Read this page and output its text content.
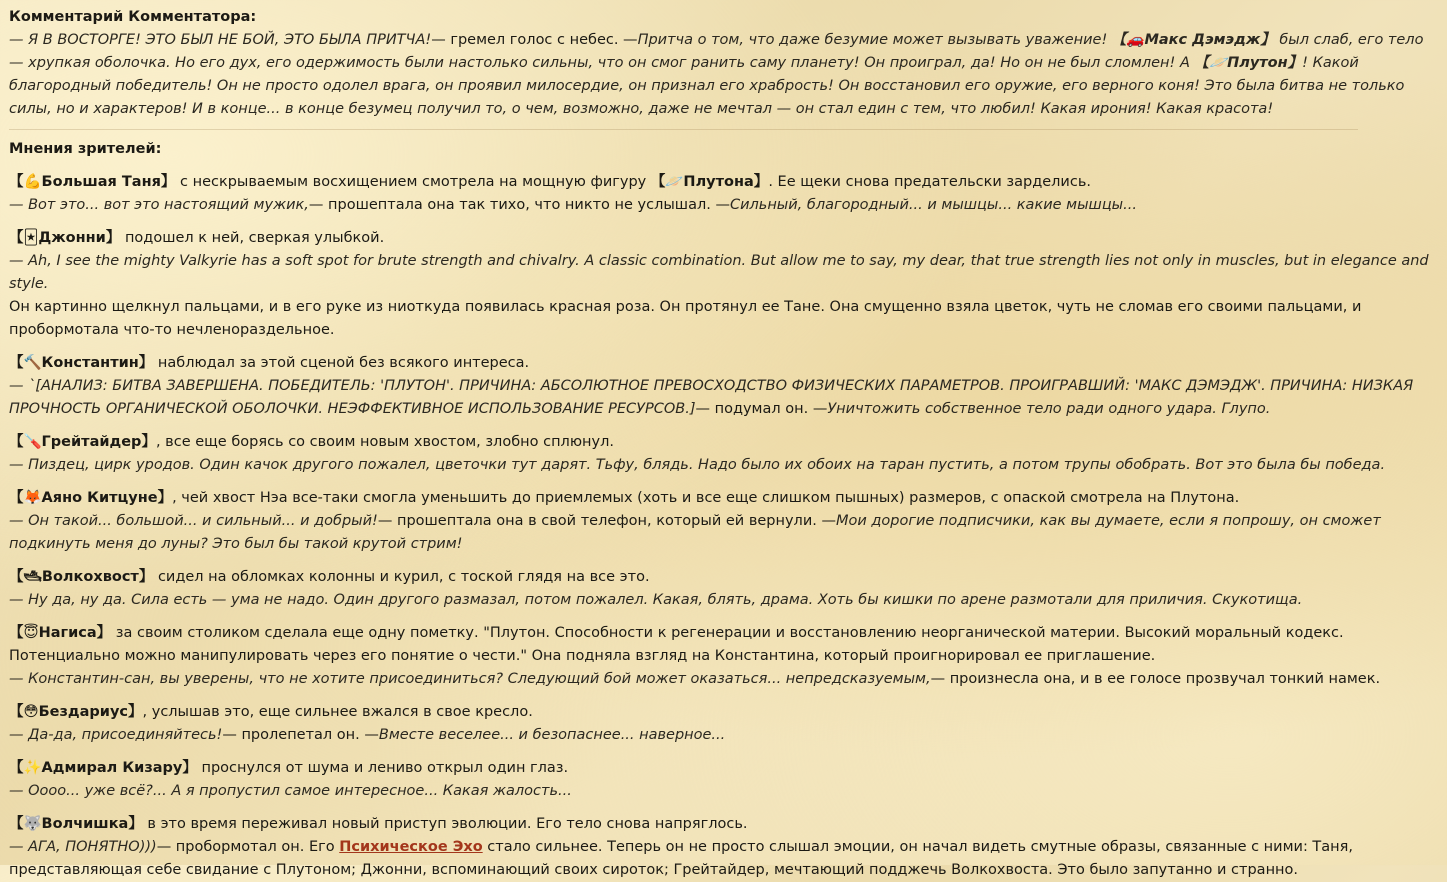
Комментарий Комментатора:

— Я В ВОСТОРГЕ! ЭТО БЫЛ НЕ БОЙ, ЭТО БЫЛА ПРИТЧА!— гремел голос с небес. —Притча о том, что даже безумие может вызывать уважение! 【🚗Макс Дэмэдж】 был слаб, его тело — хрупкая оболочка. Но его дух, его одержимость были настолько сильны, что он смог ранить саму планету! Он проиграл, да! Но он не был сломлен! А 【🪐Плутон】! Какой благородный победитель! Он не просто одолел врага, он проявил милосердие, он признал его храбрость! Он восстановил его оружие, его верного коня! Это была битва не только силы, но и характеров! И в конце... в конце безумец получил то, о чем, возможно, даже не мечтал — он стал един с тем, что любил! Какая ирония! Какая красота!

Мнения зрителей:

【💪Большая Таня】 с нескрываемым восхищением смотрела на мощную фигуру 【🪐Плутона】. Ее щеки снова предательски зарделись.

— Вот это... вот это настоящий мужик,— прошептала она так тихо, что никто не услышал. —Сильный, благородный... и мышцы... какие мышцы...

【🃏Джонни】 подошел к ней, сверкая улыбкой.

— Ah, I see the mighty Valkyrie has a soft spot for brute strength and chivalry. A classic combination. But allow me to say, my dear, that true strength lies not only in muscles, but in elegance and style.

Он картинно щелкнул пальцами, и в его руке из ниоткуда появилась красная роза. Он протянул ее Тане. Она смущенно взяла цветок, чуть не сломав его своими пальцами, и пробормотала что-то нечленораздельное.

【🔨Константин】 наблюдал за этой сценой без всякого интереса.

— `[АНАЛИЗ: БИТВА ЗАВЕРШЕНА. ПОБЕДИТЕЛЬ: 'ПЛУТОН'. ПРИЧИНА: АБСОЛЮТНОЕ ПРЕВОСХОДСТВО ФИЗИЧЕСКИХ ПАРАМЕТРОВ. ПРОИГРАВШИЙ: 'МАКС ДЭМЭДЖ'. ПРИЧИНА: НИЗКАЯ ПРОЧНОСТЬ ОРГАНИЧЕСКОЙ ОБОЛОЧКИ. НЕЭФФЕКТИВНОЕ ИСПОЛЬЗОВАНИЕ РЕСУРСОВ.]— подумал он. —Уничтожить собственное тело ради одного удара. Глупо.

【🪛Грейтайдер】, все еще борясь со своим новым хвостом, злобно сплюнул.

— Пиздец, цирк уродов. Один качок другого пожалел, цветочки тут дарят. Тьфу, блядь. Надо было их обоих на таран пустить, а потом трупы обобрать. Вот это была бы победа.

【🦊Аяно Китцуне】, чей хвост Нэа все-таки смогла уменьшить до приемлемых (хоть и все еще слишком пышных) размеров, с опаской смотрела на Плутона.

— Он такой... большой... и сильный... и добрый!— прошептала она в свой телефон, который ей вернули. —Мои дорогие подписчики, как вы думаете, если я попрошу, он сможет подкинуть меня до луны? Это был бы такой крутой стрим!

【🛥Волкохвост】 сидел на обломках колонны и курил, с тоской глядя на все это.

— Ну да, ну да. Сила есть — ума не надо. Один другого размазал, потом пожалел. Какая, блять, драма. Хоть бы кишки по арене размотали для приличия. Скукотища.

【😇Нагиса】 за своим столиком сделала еще одну пометку. "Плутон. Способности к регенерации и восстановлению неорганической материи. Высокий моральный кодекс. Потенциально можно манипулировать через его понятие о чести." Она подняла взгляд на Константина, который проигнорировал ее приглашение.

— Константин-сан, вы уверены, что не хотите присоединиться? Следующий бой может оказаться... непредсказуемым,— произнесла она, и в ее голосе прозвучал тонкий намек.

【😳Бездариус】, услышав это, еще сильнее вжался в свое кресло.

— Да-да, присоединяйтесь!— пролепетал он. —Вместе веселее... и безопаснее... наверное...

【✨Адмирал Кизару】 проснулся от шума и лениво открыл один глаз.

— Оооо... уже всё?... А я пропустил самое интересное... Какая жалость...

【🐺Волчишка】 в это время переживал новый приступ эволюции. Его тело снова напряглось.

— АГА, ПОНЯТНО)))— пробормотал он. Его Психическое Эхо стало сильнее. Теперь он не просто слышал эмоции, он начал видеть смутные образы, связанные с ними: Таня, представляющая себе свидание с Плутоном; Джонни, вспоминающий своих сироток; Грейтайдер, мечтающий подджечь Волкохвоста. Это было запутанно и странно.
